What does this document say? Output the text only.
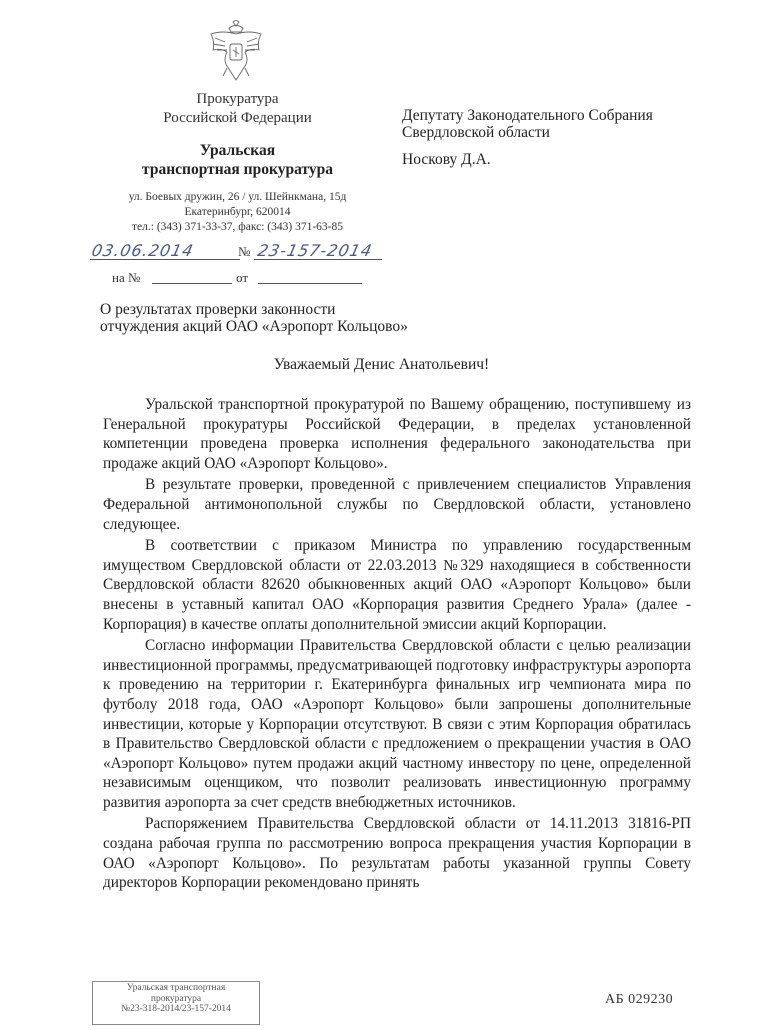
Прокуратура
Российской Федерации
Уральская
транспортная прокуратура
ул. Боевых дружин, 26 / ул. Шейнкмана, 15д
Екатеринбург, 620014
тел.: (343) 371-33-37, факс: (343) 371-63-85
03.06.2014	№ 23-157-2014
на №	от
Депутату Законодательного Собрания
Свердловской области
Носкову Д.А.
О результатах проверки законности
отчуждения акций ОАО «Аэропорт Кольцово»
Уважаемый Денис Анатольевич!

Уральской транспортной прокуратурой по Вашему обращению, поступившему из Генеральной прокуратуры Российской Федерации, в пределах установленной компетенции проведена проверка исполнения федерального законодательства при продаже акций ОАО «Аэропорт Кольцово».

В результате проверки, проведенной с привлечением специалистов Управления Федеральной антимонопольной службы по Свердловской области, установлено следующее.

В соответствии с приказом Министра по управлению государственным имуществом Свердловской области от 22.03.2013 №329 находящиеся в собственности Свердловской области 82620 обыкновенных акций ОАО «Аэропорт Кольцово» были внесены в уставный капитал ОАО «Корпорация развития Среднего Урала» (далее - Корпорация) в качестве оплаты дополнительной эмиссии акций Корпорации.

Согласно информации Правительства Свердловской области с целью реализации инвестиционной программы, предусматривающей подготовку инфраструктуры аэропорта к проведению на территории г. Екатеринбурга финальных игр чемпионата мира по футболу 2018 года, ОАО «Аэропорт Кольцово» были запрошены дополнительные инвестиции, которые у Корпорации отсутствуют. В связи с этим Корпорация обратилась в Правительство Свердловской области с предложением о прекращении участия в ОАО «Аэропорт Кольцово» путем продажи акций частному инвестору по цене, определенной независимым оценщиком, что позволит реализовать инвестиционную программу развития аэропорта за счет средств внебюджетных источников.

Распоряжением Правительства Свердловской области от 14.11.2013 31816-РП создана рабочая группа по рассмотрению вопроса прекращения участия Корпорации в ОАО «Аэропорт Кольцово». По результатам работы указанной группы Совету директоров Корпорации рекомендовано принять

Уральская транспортная
прокуратура
№23-318-2014/23-157-2014
АБ 029230
